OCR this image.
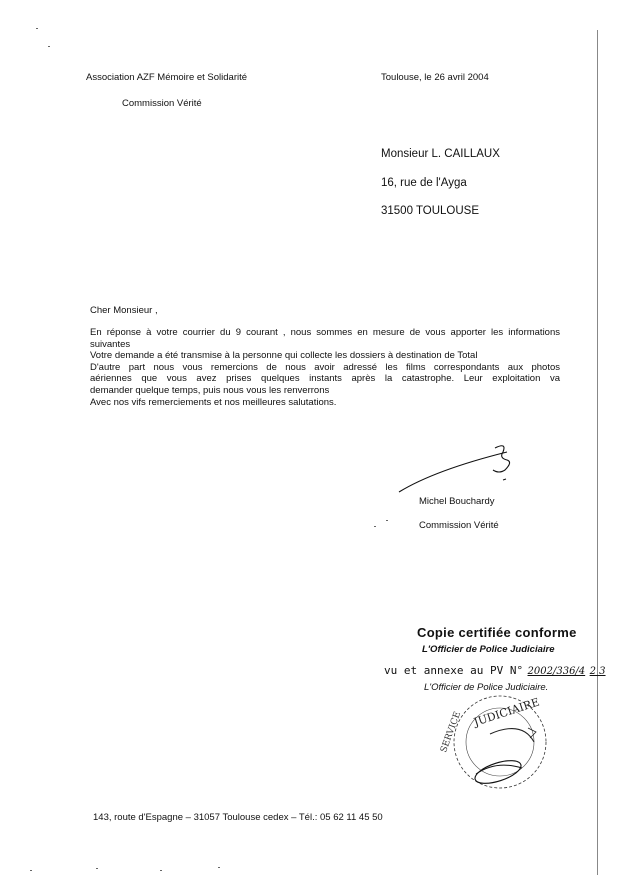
Association AZF Mémoire et Solidarité
Commission Vérité
Toulouse, le 26 avril 2004
Monsieur L. CAILLAUX
16, rue de l'Ayga
31500 TOULOUSE
Cher Monsieur ,
En réponse à votre courrier du 9 courant , nous sommes en mesure de vous apporter les informations
suivantes
Votre demande a été transmise à la personne qui collecte les dossiers à destination de Total
D'autre part nous vous remercions de nous avoir adressé les films correspondants aux photos
aériennes que vous avez prises quelques instants après la catastrophe. Leur exploitation va
demander quelque temps, puis nous vous les renverrons
Avec nos vifs remerciements et nos meilleures salutations.
Michel Bouchardy
Commission Vérité
Copie certifiée conforme
L'Officier de Police Judiciaire
vu et annexe au PV N° 2002/336/4 2 3
L'Officier de Police Judiciaire.
SERVICE JUDICIAIRE
143, route d'Espagne – 31057 Toulouse cedex – Tél.: 05 62 11 45 50
